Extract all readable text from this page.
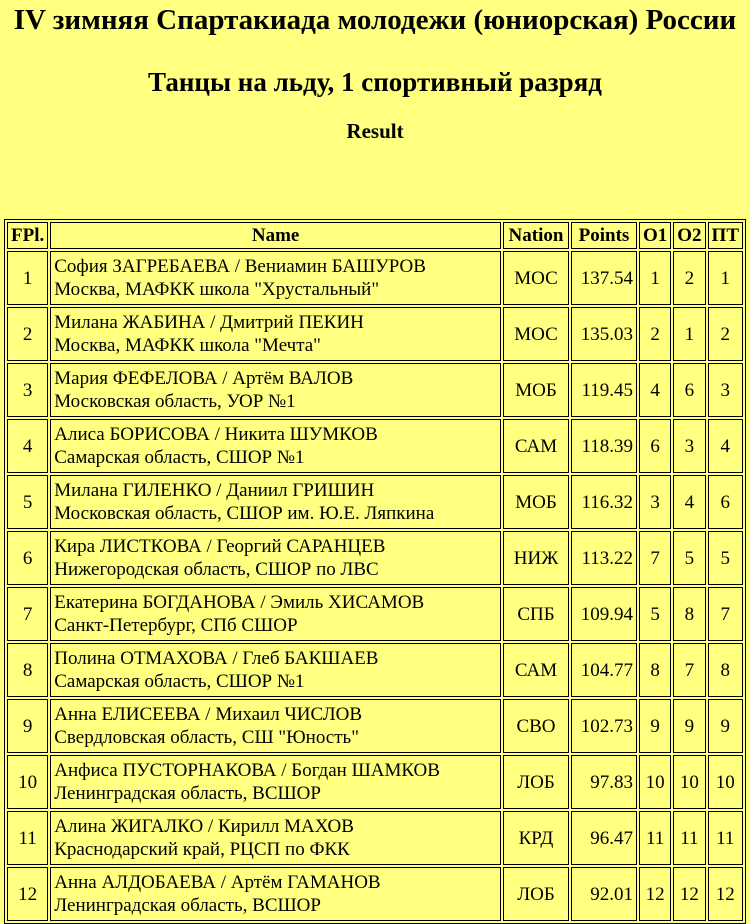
IV зимняя Спартакиада молодежи (юниорская) России
Танцы на льду, 1 спортивный разряд
Result
FPl.	Name	Nation	Points	O1	O2	ПТ
1	София ЗАГРЕБАЕВА / Вениамин БАШУРОВ
Москва, МАФКК школа "Хрустальный"	МОС	137.54	1	2	1
2	Милана ЖАБИНА / Дмитрий ПЕКИН
Москва, МАФКК школа "Мечта"	МОС	135.03	2	1	2
3	Мария ФЕФЕЛОВА / Артём ВАЛОВ
Московская область, УОР №1	МОБ	119.45	4	6	3
4	Алиса БОРИСОВА / Никита ШУМКОВ
Самарская область, СШОР №1	САМ	118.39	6	3	4
5	Милана ГИЛЕНКО / Даниил ГРИШИН
Московская область, СШОР им. Ю.Е. Ляпкина	МОБ	116.32	3	4	6
6	Кира ЛИСТКОВА / Георгий САРАНЦЕВ
Нижегородская область, СШОР по ЛВС	НИЖ	113.22	7	5	5
7	Екатерина БОГДАНОВА / Эмиль ХИСАМОВ
Санкт-Петербург, СПб СШОР	СПБ	109.94	5	8	7
8	Полина ОТМАХОВА / Глеб БАКШАЕВ
Самарская область, СШОР №1	САМ	104.77	8	7	8
9	Анна ЕЛИСЕЕВА / Михаил ЧИСЛОВ
Свердловская область, СШ "Юность"	СВО	102.73	9	9	9
10	Анфиса ПУСТОРНАКОВА / Богдан ШАМКОВ
Ленинградская область, ВСШОР	ЛОБ	97.83	10	10	10
11	Алина ЖИГАЛКО / Кирилл МАХОВ
Краснодарский край, РЦСП по ФКК	КРД	96.47	11	11	11
12	Анна АЛДОБАЕВА / Артём ГАМАНОВ
Ленинградская область, ВСШОР	ЛОБ	92.01	12	12	12
